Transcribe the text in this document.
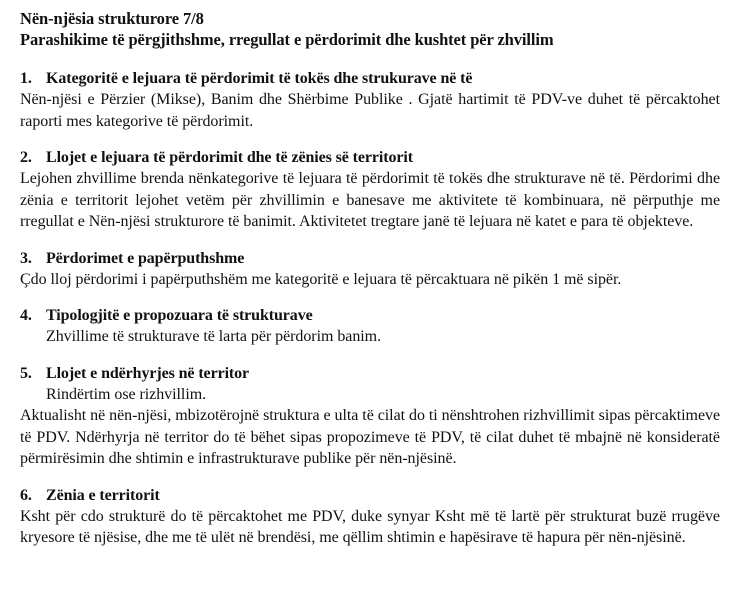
Nën-njësia strukturore 7/8
Parashikime të përgjithshme, rregullat e përdorimit dhe kushtet për zhvillim
1. Kategoritë e lejuara të përdorimit të tokës dhe strukurave në të

Nën-njësi e Përzier (Mikse), Banim dhe Shërbime Publike . Gjatë hartimit të PDV-ve duhet të përcaktohet raporti mes kategorive të përdorimit.

2. Llojet e lejuara të përdorimit dhe të zënies së territorit

Lejohen zhvillime brenda nënkategorive të lejuara të përdorimit të tokës dhe strukturave në të. Përdorimi dhe zënia e territorit lejohet vetëm për zhvillimin e banesave me aktivitete të kombinuara, në përputhje me rregullat e Nën-njësi strukturore të banimit. Aktivitetet tregtare janë të lejuara në katet e para të objekteve.

3. Përdorimet e papërputhshme

Çdo lloj përdorimi i papërputhshëm me kategoritë e lejuara të përcaktuara në pikën 1 më sipër.

4. Tipologjitë e propozuara të strukturave

Zhvillime të strukturave të larta për përdorim banim.

5. Llojet e ndërhyrjes në territor

Rindërtim ose rizhvillim.

Aktualisht në nën-njësi, mbizotërojnë struktura e ulta të cilat do ti nënshtrohen rizhvillimit sipas përcaktimeve të PDV. Ndërhyrja në territor do të bëhet sipas propozimeve të PDV, të cilat duhet të mbajnë në konsideratë përmirësimin dhe shtimin e infrastrukturave publike për nën-njësinë.

6. Zënia e territorit

Ksht për cdo strukturë do të përcaktohet me PDV, duke synyar Ksht më të lartë për strukturat buzë rrugëve kryesore të njësise, dhe me të ulët në brendësi, me qëllim shtimin e hapësirave të hapura për nën-njësinë.
